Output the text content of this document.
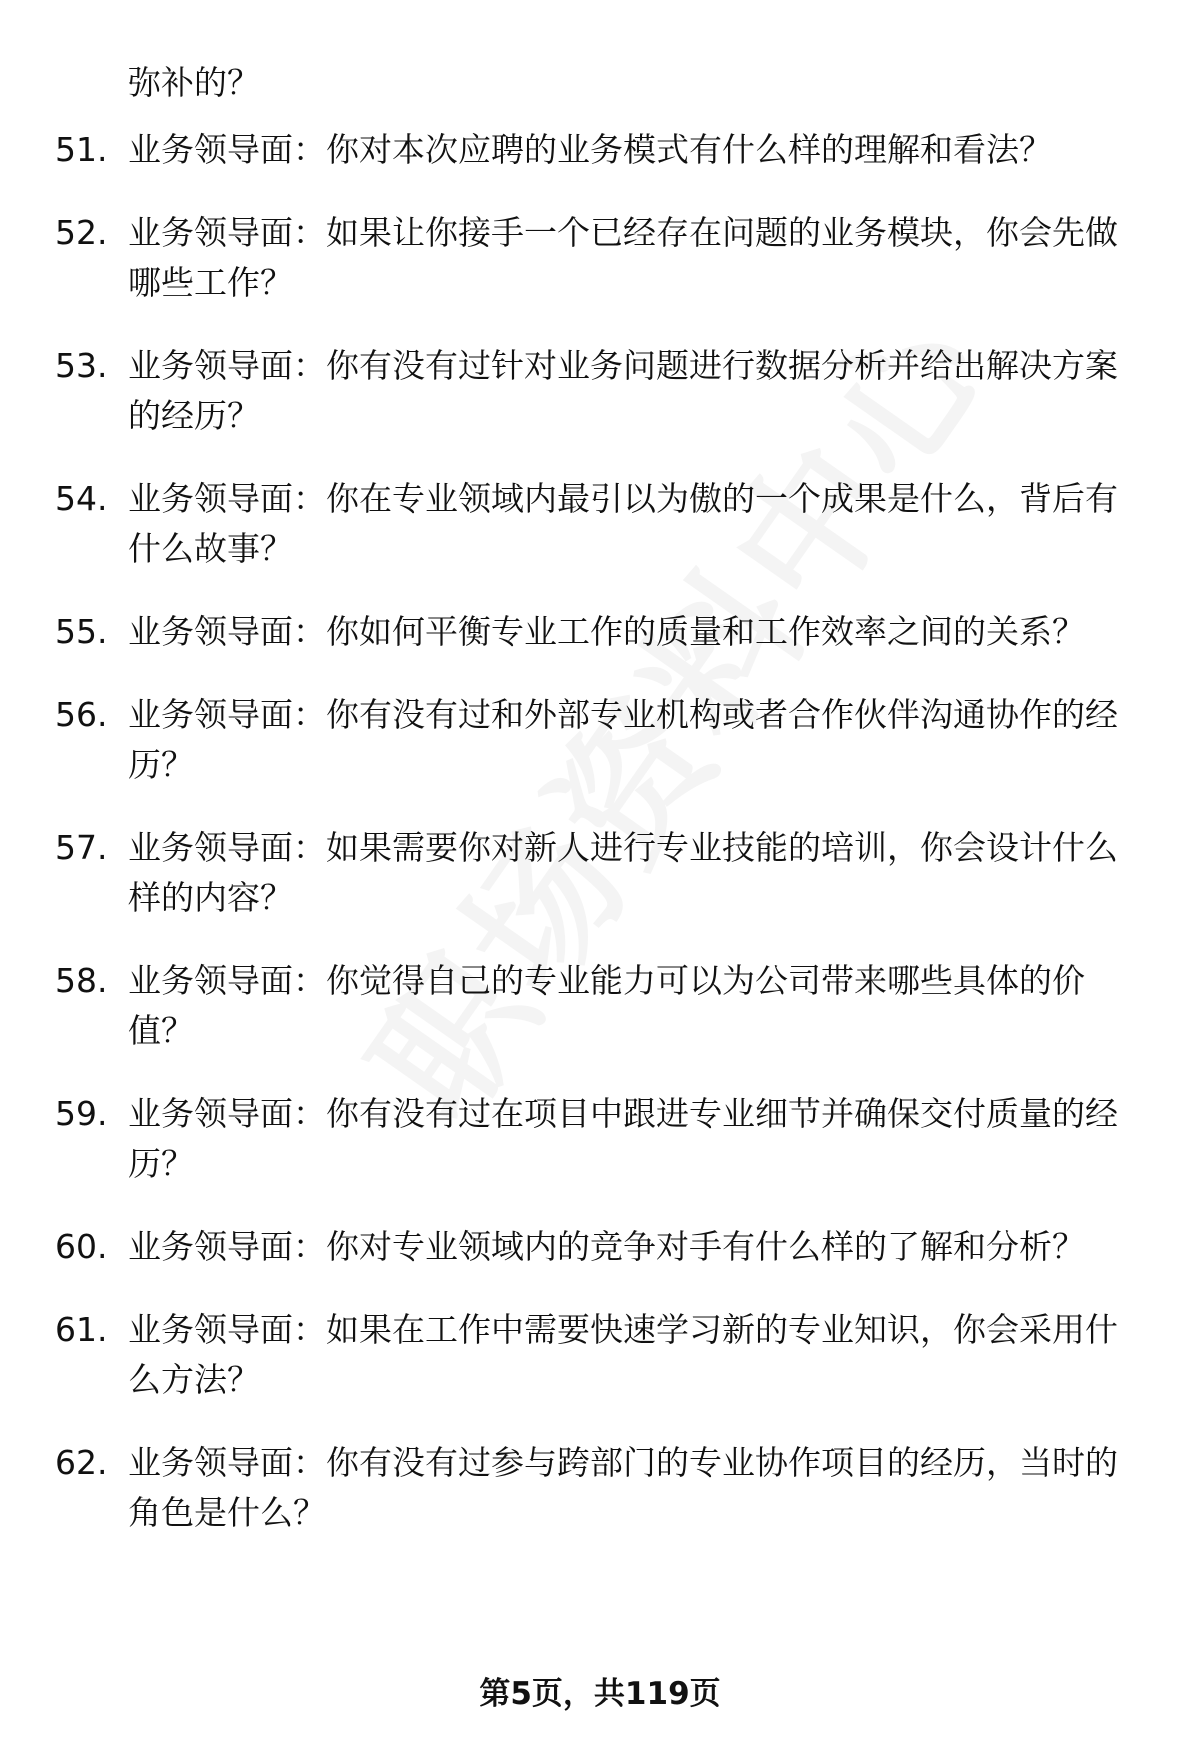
弥补的？
51. 业务领导面：你对本次应聘的业务模式有什么样的理解和看法？
52. 业务领导面：如果让你接手一个已经存在问题的业务模块，你会先做哪些工作？
53. 业务领导面：你有没有过针对业务问题进行数据分析并给出解决方案的经历？
54. 业务领导面：你在专业领域内最引以为傲的一个成果是什么，背后有什么故事？
55. 业务领导面：你如何平衡专业工作的质量和工作效率之间的关系？
56. 业务领导面：你有没有过和外部专业机构或者合作伙伴沟通协作的经历？
57. 业务领导面：如果需要你对新人进行专业技能的培训，你会设计什么样的内容？
58. 业务领导面：你觉得自己的专业能力可以为公司带来哪些具体的价值？
59. 业务领导面：你有没有过在项目中跟进专业细节并确保交付质量的经历？
60. 业务领导面：你对专业领域内的竞争对手有什么样的了解和分析？
61. 业务领导面：如果在工作中需要快速学习新的专业知识，你会采用什么方法？
62. 业务领导面：你有没有过参与跨部门的专业协作项目的经历，当时的角色是什么？
第5页，共119页
